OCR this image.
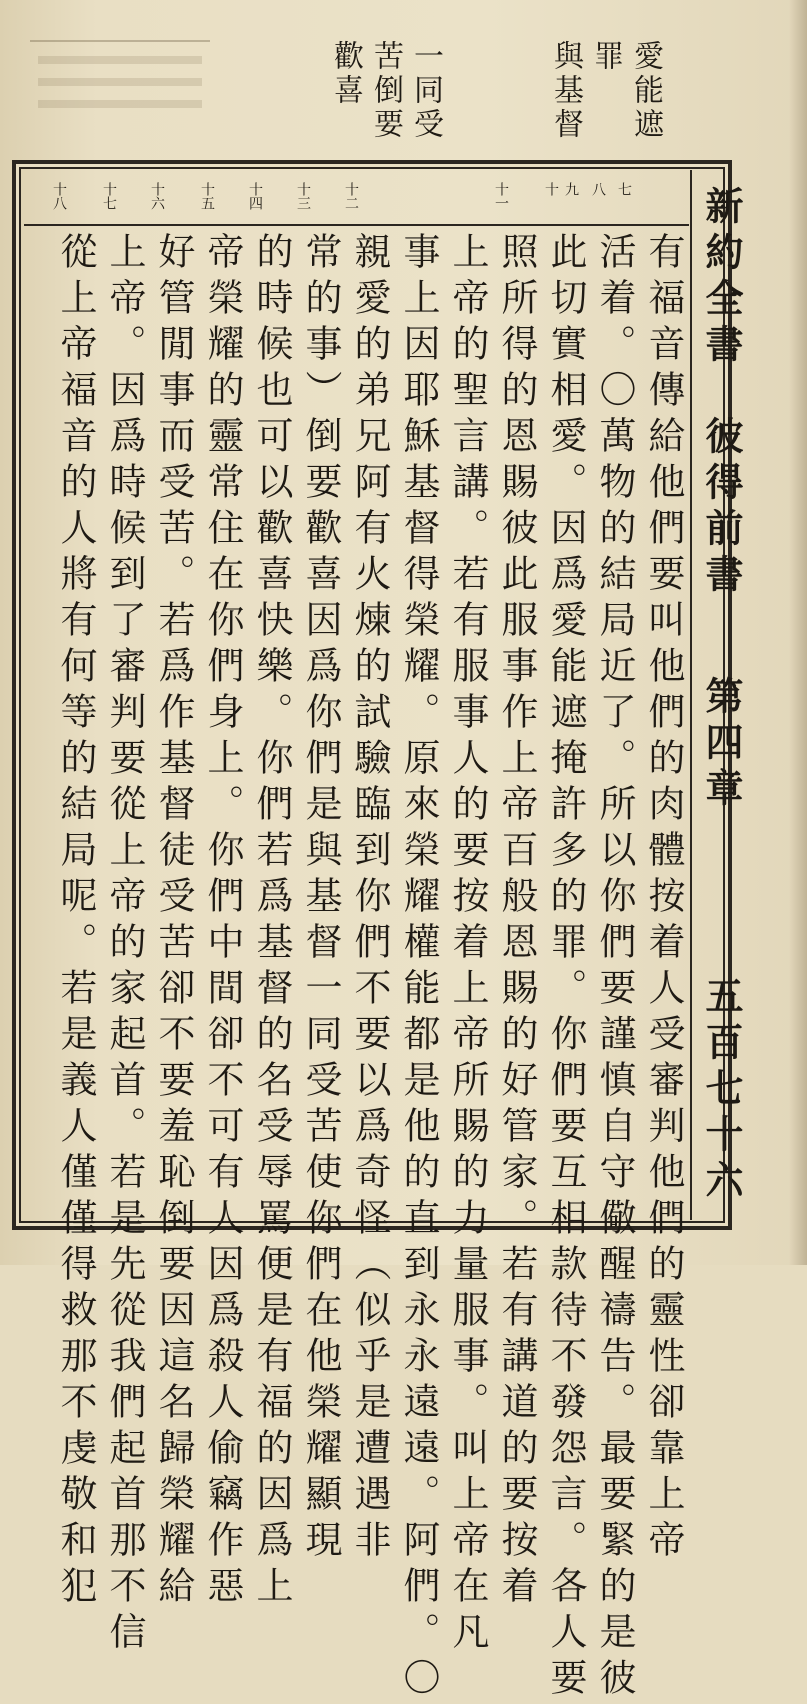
愛能遮
罪
與基督
一同受
苦倒要
歡喜
七
八
九
十
十一
十二
十三
十四
十五
十六
十七
十八
有福音傳給他們要叫他們的肉體按着人受審判他們的靈性卻靠上帝
活着。〇萬物的結局近了。所以你們要謹慎自守儆醒禱告。最要緊的是彼
此切實相愛。因爲愛能遮掩許多的罪。你們要互相款待不發怨言。各人要
照所得的恩賜彼此服事作上帝百般恩賜的好管家。若有講道的要按着
上帝的聖言講。若有服事人的要按着上帝所賜的力量服事。叫上帝在凡
事上因耶穌基督得榮耀。原來榮耀權能都是他的直到永永遠遠。阿們。〇
親愛的弟兄阿有火煉的試驗臨到你們不要以爲奇怪（似乎是遭遇非
常的事）倒要歡喜因爲你們是與基督一同受苦使你們在他榮耀顯現
的時候也可以歡喜快樂。你們若爲基督的名受辱罵便是有福的因爲上
帝榮耀的靈常住在你們身上。你們中間卻不可有人因爲殺人偷竊作惡
好管閒事而受苦。若爲作基督徒受苦卻不要羞恥倒要因這名歸榮耀給
上帝。因爲時候到了審判要從上帝的家起首。若是先從我們起首那不信
從上帝福音的人將有何等的結局呢。若是義人僅僅得救那不虔敬和犯	新約全書
彼得前書
第四章
五百七十六
